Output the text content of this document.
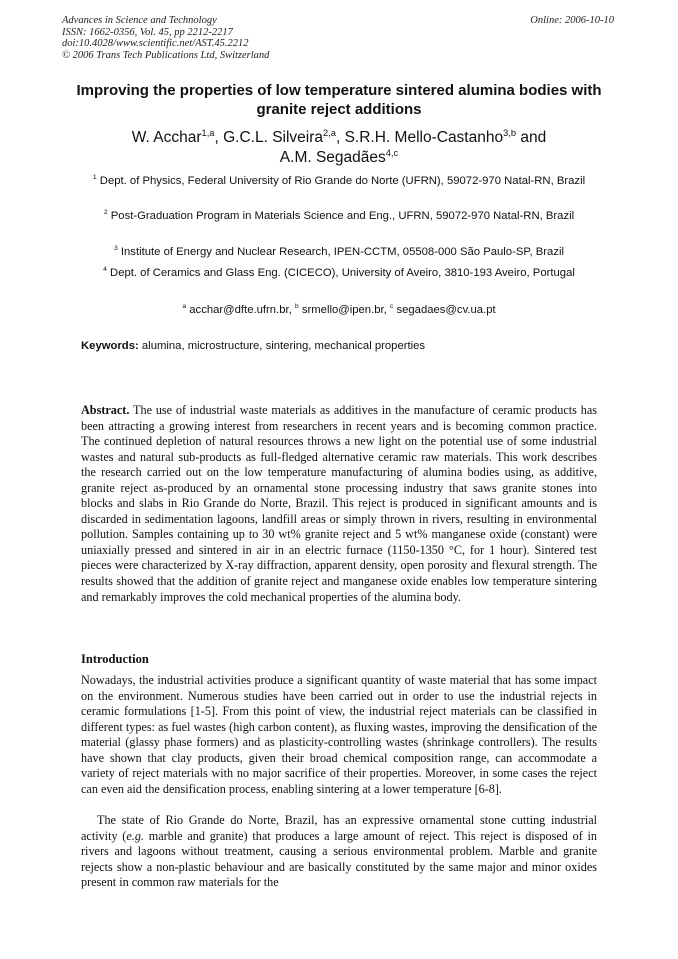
Advances in Science and Technology
ISSN: 1662-0356, Vol. 45, pp 2212-2217
doi:10.4028/www.scientific.net/AST.45.2212
© 2006 Trans Tech Publications Ltd, Switzerland
Online: 2006-10-10
Improving the properties of low temperature sintered alumina bodies with granite reject additions
W. Acchar$^{1,a}$, G.C.L. Silveira$^{2,a}$, S.R.H. Mello-Castanho$^{3,b}$ and
A.M. Segadães$^{4,c}$
$^1$ Dept. of Physics, Federal University of Rio Grande do Norte (UFRN), 59072-970 Natal-RN, Brazil
$^2$ Post-Graduation Program in Materials Science and Eng., UFRN, 59072-970 Natal-RN, Brazil
$^3$ Institute of Energy and Nuclear Research, IPEN-CCTM, 05508-000 São Paulo-SP, Brazil
$^4$ Dept. of Ceramics and Glass Eng. (CICECO), University of Aveiro, 3810-193 Aveiro, Portugal
$^a$ acchar@dfte.ufrn.br, $^b$ srmello@ipen.br, $^c$ segadaes@cv.ua.pt
Keywords: alumina, microstructure, sintering, mechanical properties
Abstract. The use of industrial waste materials as additives in the manufacture of ceramic products has been attracting a growing interest from researchers in recent years and is becoming common practice. The continued depletion of natural resources throws a new light on the potential use of some industrial wastes and natural sub-products as full-fledged alternative ceramic raw materials. This work describes the research carried out on the low temperature manufacturing of alumina bodies using, as additive, granite reject as-produced by an ornamental stone processing industry that saws granite stones into blocks and slabs in Rio Grande do Norte, Brazil. This reject is produced in significant amounts and is discarded in sedimentation lagoons, landfill areas or simply thrown in rivers, resulting in environmental pollution. Samples containing up to 30 wt% granite reject and 5 wt% manganese oxide (constant) were uniaxially pressed and sintered in air in an electric furnace (1150-1350 °C, for 1 hour). Sintered test pieces were characterized by X-ray diffraction, apparent density, open porosity and flexural strength. The results showed that the addition of granite reject and manganese oxide enables low temperature sintering and remarkably improves the cold mechanical properties of the alumina body.
Introduction
Nowadays, the industrial activities produce a significant quantity of waste material that has some impact on the environment. Numerous studies have been carried out in order to use the industrial rejects in ceramic formulations [1-5]. From this point of view, the industrial reject materials can be classified in different types: as fuel wastes (high carbon content), as fluxing wastes, improving the densification of the material (glassy phase formers) and as plasticity-controlling wastes (shrinkage controllers). The results have shown that clay products, given their broad chemical composition range, can accommodate a variety of reject materials with no major sacrifice of their properties. Moreover, in some cases the reject can even aid the densification process, enabling sintering at a lower temperature [6-8].
The state of Rio Grande do Norte, Brazil, has an expressive ornamental stone cutting industrial activity (e.g. marble and granite) that produces a large amount of reject. This reject is disposed of in rivers and lagoons without treatment, causing a serious environmental problem. Marble and granite rejects show a non-plastic behaviour and are basically constituted by the same major and minor oxides present in common raw materials for the
